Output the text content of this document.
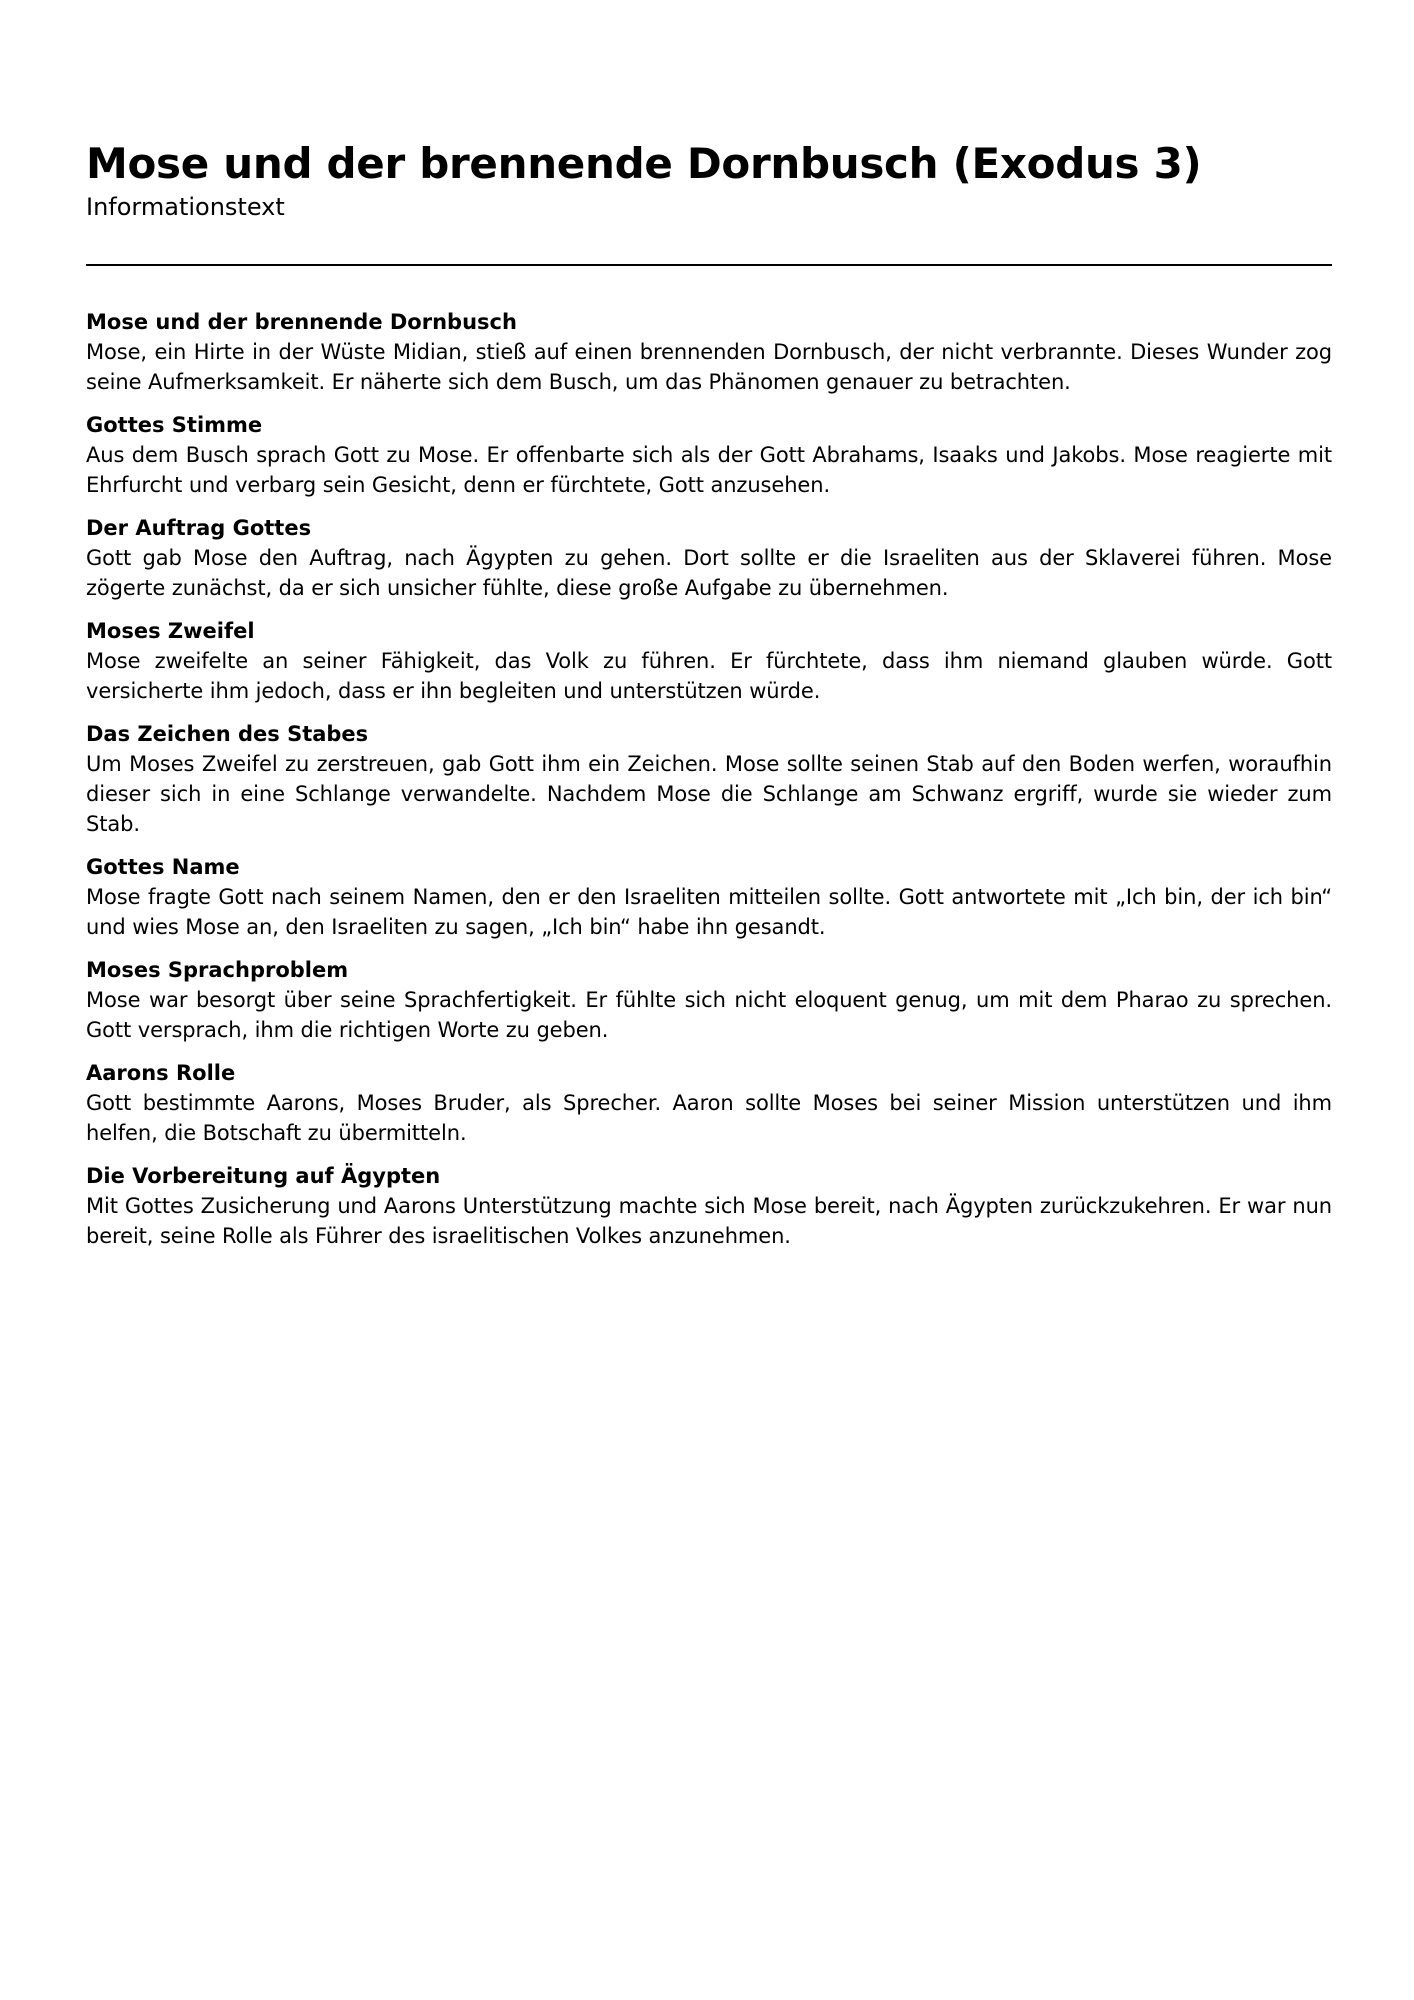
Mose und der brennende Dornbusch (Exodus 3)

Informationstext

Mose und der brennende Dornbusch

Mose, ein Hirte in der Wüste Midian, stieß auf einen brennenden Dornbusch, der nicht verbrannte. Dieses Wunder zog seine Aufmerksamkeit. Er näherte sich dem Busch, um das Phänomen genauer zu betrachten.

Gottes Stimme

Aus dem Busch sprach Gott zu Mose. Er offenbarte sich als der Gott Abrahams, Isaaks und Jakobs. Mose reagierte mit Ehrfurcht und verbarg sein Gesicht, denn er fürchtete, Gott anzusehen.

Der Auftrag Gottes

Gott gab Mose den Auftrag, nach Ägypten zu gehen. Dort sollte er die Israeliten aus der Sklaverei führen. Mose zögerte zunächst, da er sich unsicher fühlte, diese große Aufgabe zu übernehmen.

Moses Zweifel

Mose zweifelte an seiner Fähigkeit, das Volk zu führen. Er fürchtete, dass ihm niemand glauben würde. Gott versicherte ihm jedoch, dass er ihn begleiten und unterstützen würde.

Das Zeichen des Stabes

Um Moses Zweifel zu zerstreuen, gab Gott ihm ein Zeichen. Mose sollte seinen Stab auf den Boden werfen, woraufhin dieser sich in eine Schlange verwandelte. Nachdem Mose die Schlange am Schwanz ergriff, wurde sie wieder zum Stab.

Gottes Name

Mose fragte Gott nach seinem Namen, den er den Israeliten mitteilen sollte. Gott antwortete mit „Ich bin, der ich bin“ und wies Mose an, den Israeliten zu sagen, „Ich bin“ habe ihn gesandt.

Moses Sprachproblem

Mose war besorgt über seine Sprachfertigkeit. Er fühlte sich nicht eloquent genug, um mit dem Pharao zu sprechen. Gott versprach, ihm die richtigen Worte zu geben.

Aarons Rolle

Gott bestimmte Aarons, Moses Bruder, als Sprecher. Aaron sollte Moses bei seiner Mission unterstützen und ihm helfen, die Botschaft zu übermitteln.

Die Vorbereitung auf Ägypten

Mit Gottes Zusicherung und Aarons Unterstützung machte sich Mose bereit, nach Ägypten zurückzukehren. Er war nun bereit, seine Rolle als Führer des israelitischen Volkes anzunehmen.
